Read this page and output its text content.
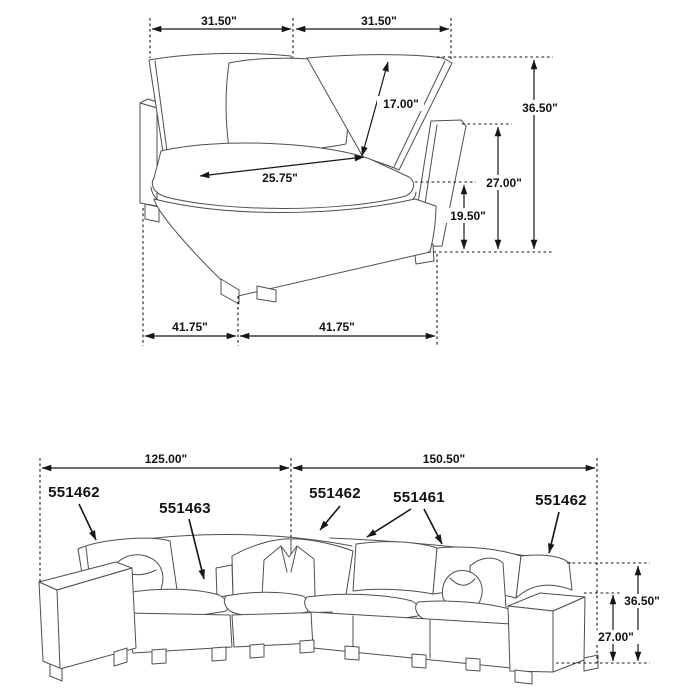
31.50"	31.50"
17.00"	36.50"
27.00"
19.50"
25.75"
41.75"	41.75"
125.00"	150.50"
36.50"
27.00"
551462
551463
551462 551461	551462
